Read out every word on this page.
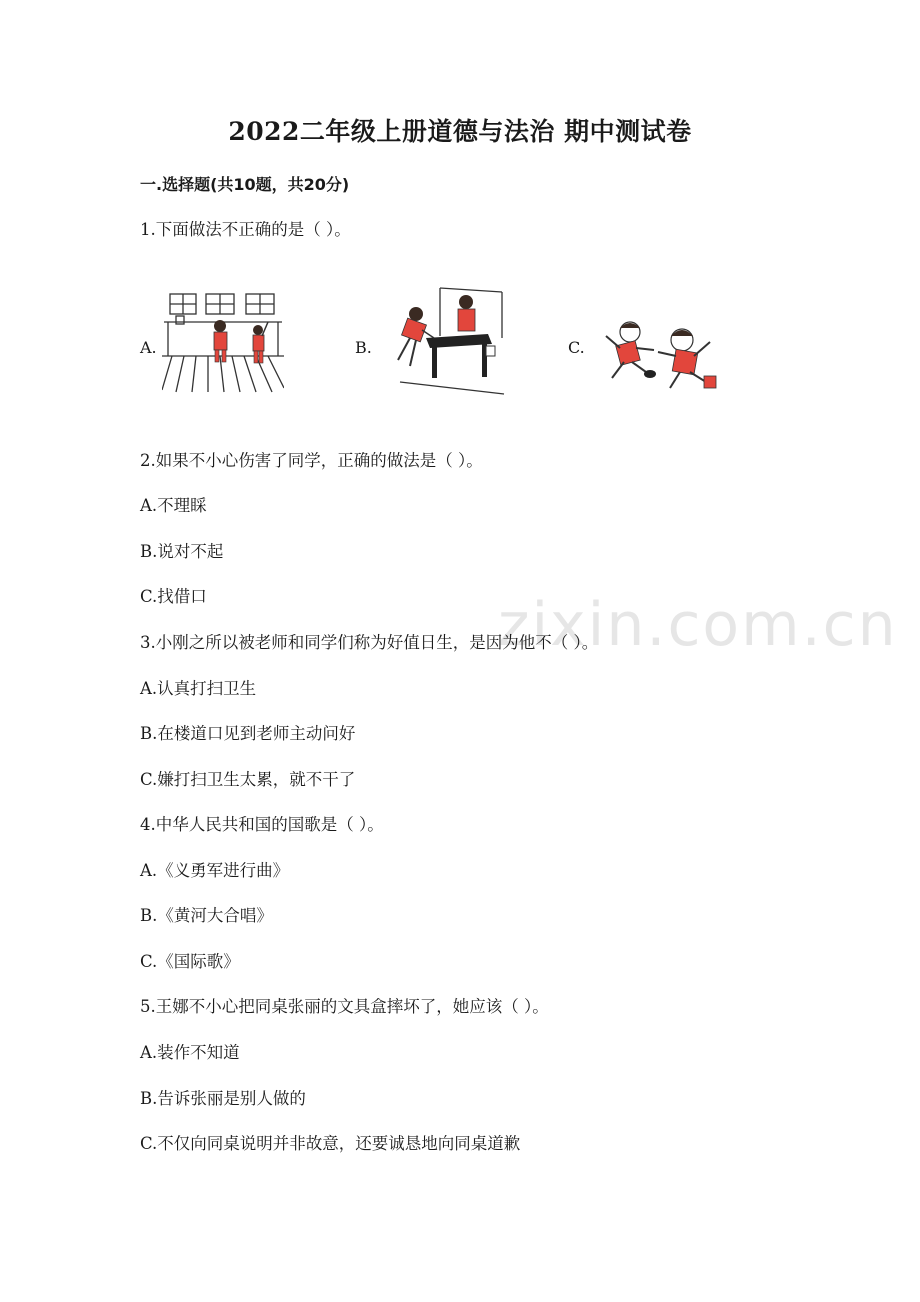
zixin.com.cn
2022二年级上册道德与法治 期中测试卷
一.选择题(共10题，共20分)
1.下面做法不正确的是（ ）。
A.	B.	C.
2.如果不小心伤害了同学，正确的做法是（ ）。
A.不理睬
B.说对不起
C.找借口
3.小刚之所以被老师和同学们称为好值日生，是因为他不（ ）。
A.认真打扫卫生
B.在楼道口见到老师主动问好
C.嫌打扫卫生太累，就不干了
4.中华人民共和国的国歌是（ ）。
A.《义勇军进行曲》
B.《黄河大合唱》
C.《国际歌》
5.王娜不小心把同桌张丽的文具盒摔坏了，她应该（ ）。
A.装作不知道
B.告诉张丽是别人做的
C.不仅向同桌说明并非故意，还要诚恳地向同桌道歉
